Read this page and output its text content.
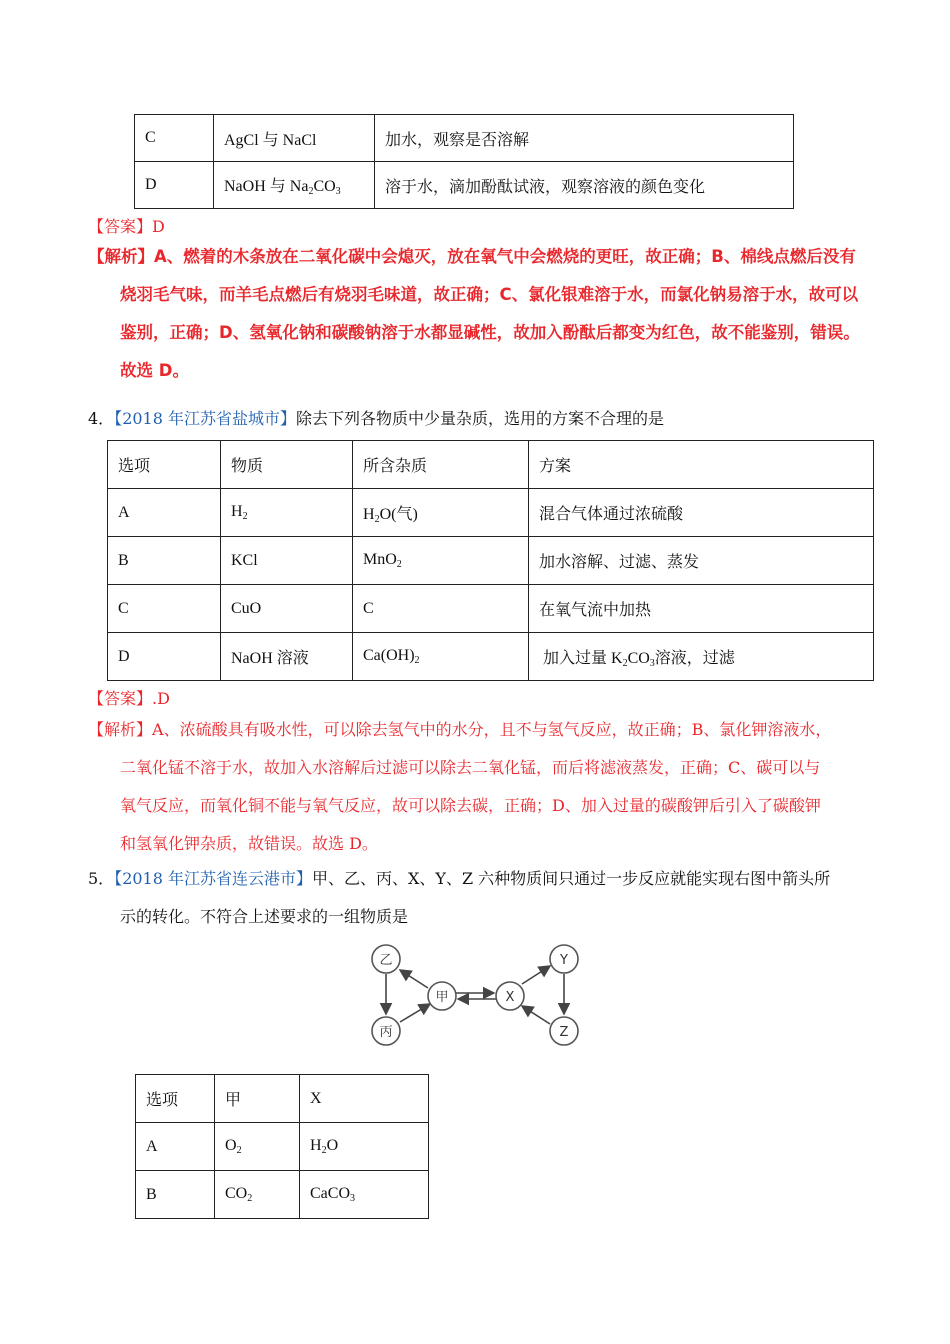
C	AgCl 与 NaCl	加水，观察是否溶解
D	NaOH 与 $Na_2CO_3$	溶于水，滴加酚酞试液，观察溶液的颜色变化
【答案】D
【解析】A、燃着的木条放在二氧化碳中会熄灭，放在氧气中会燃烧的更旺，故正确；B、棉线点燃后没有
烧羽毛气味，而羊毛点燃后有烧羽毛味道，故正确；C、氯化银难溶于水，而氯化钠易溶于水，故可以
鉴别，正确；D、氢氧化钠和碳酸钠溶于水都显碱性，故加入酚酞后都变为红色，故不能鉴别，错误。
故选 D。
4．【2018 年江苏省盐城市】除去下列各物质中少量杂质，选用的方案不合理的是
选项	物质	所含杂质	方案
A	$H_2$	$H_2O$(气)	混合气体通过浓硫酸
B	KCl	MnO$_2$	加水溶解、过滤、蒸发
C	CuO	C	在氧气流中加热
D	NaOH 溶液	$Ca(OH)_2$	加入过量 $K_2CO_3$溶液，过滤
【答案】.D
【解析】A、浓硫酸具有吸水性，可以除去氢气中的水分，且不与氢气反应，故正确；B、氯化钾溶液水，
二氧化锰不溶于水，故加入水溶解后过滤可以除去二氧化锰，而后将滤液蒸发，正确；C、碳可以与
氧气反应，而氧化铜不能与氧气反应，故可以除去碳，正确；D、加入过量的碳酸钾后引入了碳酸钾
和氢氧化钾杂质，故错误。故选 D。
5．【2018 年江苏省连云港市】甲、乙、丙、X、Y、Z 六种物质间只通过一步反应就能实现右图中箭头所
示的转化。不符合上述要求的一组物质是
乙
丙
甲	X
Y
Z
选项	甲	X
A	$O_2$	$H_2O$
B	$CO_2$	CaCO$_3$
